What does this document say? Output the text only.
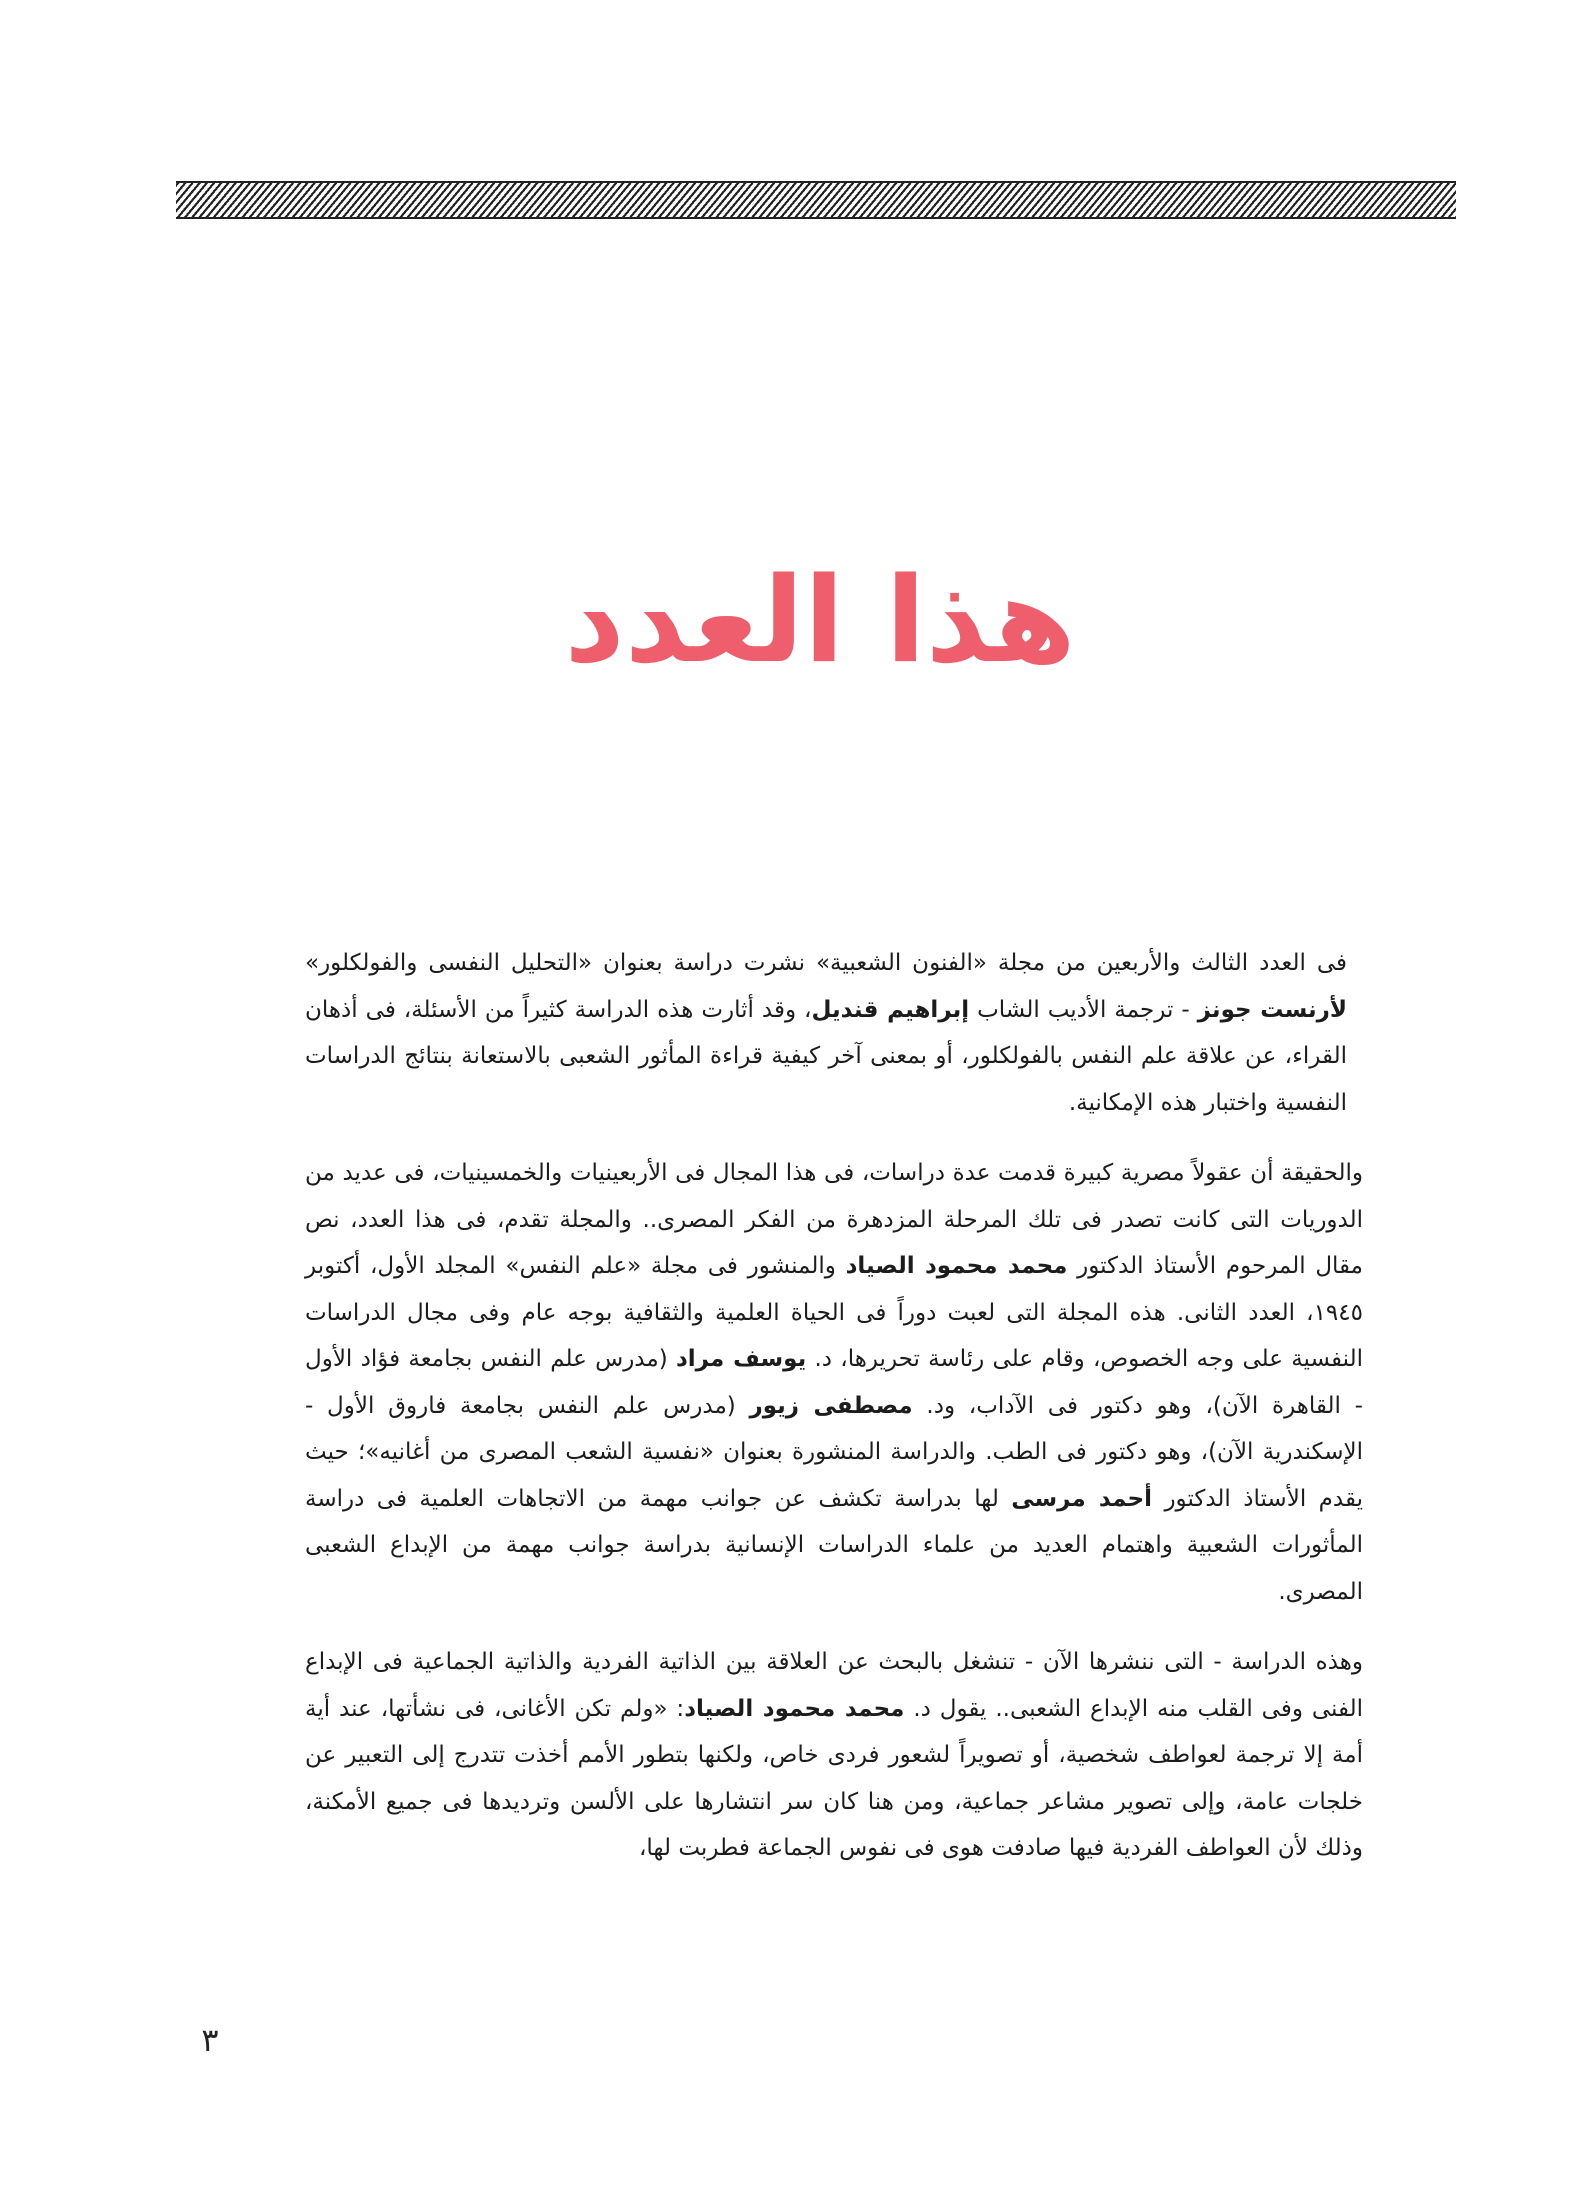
هذا العدد

فى العدد الثالث والأربعين من مجلة «الفنون الشعبية» نشرت دراسة بعنوان «التحليل النفسى والفولكلور» لأرنست جونز - ترجمة الأديب الشاب إبراهيم قنديل، وقد أثارت هذه الدراسة كثيراً من الأسئلة، فى أذهان القراء، عن علاقة علم النفس بالفولكلور، أو بمعنى آخر كيفية قراءة المأثور الشعبى بالاستعانة بنتائج الدراسات النفسية واختبار هذه الإمكانية.

والحقيقة أن عقولاً مصرية كبيرة قدمت عدة دراسات، فى هذا المجال فى الأربعينيات والخمسينيات، فى عديد من الدوريات التى كانت تصدر فى تلك المرحلة المزدهرة من الفكر المصرى.. والمجلة تقدم، فى هذا العدد، نص مقال المرحوم الأستاذ الدكتور محمد محمود الصياد والمنشور فى مجلة «علم النفس» المجلد الأول، أكتوبر ١٩٤٥، العدد الثانى. هذه المجلة التى لعبت دوراً فى الحياة العلمية والثقافية بوجه عام وفى مجال الدراسات النفسية على وجه الخصوص، وقام على رئاسة تحريرها، د. يوسف مراد (مدرس علم النفس بجامعة فؤاد الأول - القاهرة الآن)، وهو دكتور فى الآداب، ود. مصطفى زيور (مدرس علم النفس بجامعة فاروق الأول - الإسكندرية الآن)، وهو دكتور فى الطب. والدراسة المنشورة بعنوان «نفسية الشعب المصرى من أغانيه»؛ حيث يقدم الأستاذ الدكتور أحمد مرسى لها بدراسة تكشف عن جوانب مهمة من الاتجاهات العلمية فى دراسة المأثورات الشعبية واهتمام العديد من علماء الدراسات الإنسانية بدراسة جوانب مهمة من الإبداع الشعبى المصرى.

وهذه الدراسة - التى ننشرها الآن - تنشغل بالبحث عن العلاقة بين الذاتية الفردية والذاتية الجماعية فى الإبداع الفنى وفى القلب منه الإبداع الشعبى.. يقول د. محمد محمود الصياد: «ولم تكن الأغانى، فى نشأتها، عند أية أمة إلا ترجمة لعواطف شخصية، أو تصويراً لشعور فردى خاص، ولكنها بتطور الأمم أخذت تتدرج إلى التعبير عن خلجات عامة، وإلى تصوير مشاعر جماعية، ومن هنا كان سر انتشارها على الألسن وترديدها فى جميع الأمكنة، وذلك لأن العواطف الفردية فيها صادفت هوى فى نفوس الجماعة فطربت لها،

٣
